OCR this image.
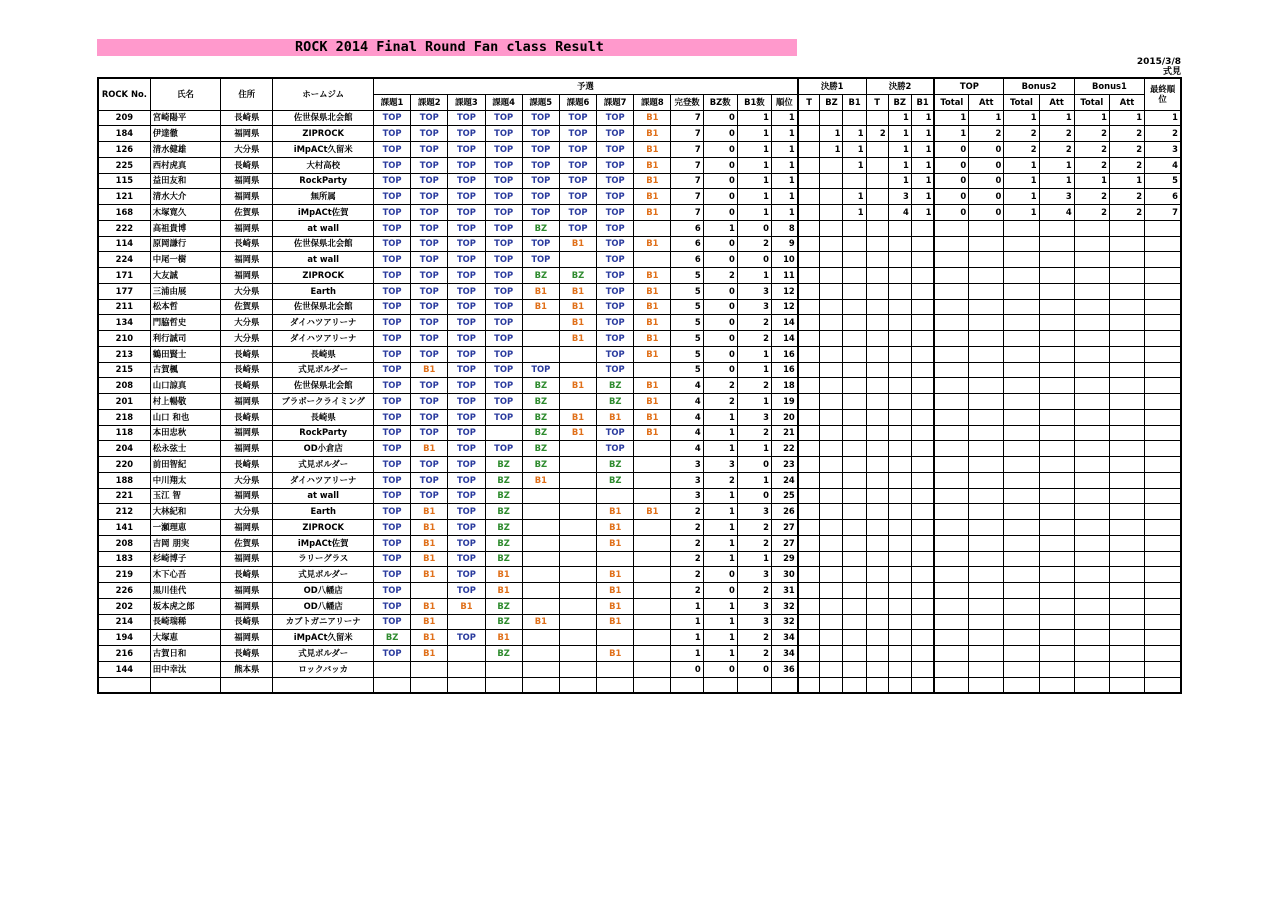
ROCK 2014 Final Round Fan class Result
2015/3/8
式見
ROCK No.	氏名	住所	ホームジム	予選												決勝1			決勝2			TOP		Bonus2		Bonus1		最終順位
				課題1	課題2	課題3	課題4	課題5	課題6	課題7	課題8	完登数	BZ数	B1数	順位	T	BZ	B1	T	BZ	B1	Total	Att	Total	Att	Total	Att	
209	宮崎陽平	長崎県	佐世保県北会館	TOP	TOP	TOP	TOP	TOP	TOP	TOP	B1	7	0	1	1					1	1	1	1	1	1	1	1	1
184	伊達徹	福岡県	ZIPROCK	TOP	TOP	TOP	TOP	TOP	TOP	TOP	B1	7	0	1	1		1	1	2	1	1	1	2	2	2	2	2	2
126	清水健雄	大分県	iMpACt久留米	TOP	TOP	TOP	TOP	TOP	TOP	TOP	B1	7	0	1	1		1	1		1	1	0	0	2	2	2	2	3
225	西村虎真	長崎県	大村高校	TOP	TOP	TOP	TOP	TOP	TOP	TOP	B1	7	0	1	1			1		1	1	0	0	1	1	2	2	4
115	益田友和	福岡県	RockParty	TOP	TOP	TOP	TOP	TOP	TOP	TOP	B1	7	0	1	1					1	1	0	0	1	1	1	1	5
121	清水大介	福岡県	無所属	TOP	TOP	TOP	TOP	TOP	TOP	TOP	B1	7	0	1	1			1		3	1	0	0	1	3	2	2	6
168	木塚寛久	佐賀県	iMpACt佐賀	TOP	TOP	TOP	TOP	TOP	TOP	TOP	B1	7	0	1	1			1		4	1	0	0	1	4	2	2	7
222	高祖貴博	福岡県	at wall	TOP	TOP	TOP	TOP	BZ	TOP	TOP		6	1	0	8													
114	原岡謙行	長崎県	佐世保県北会館	TOP	TOP	TOP	TOP	TOP	B1	TOP	B1	6	0	2	9													
224	中尾一樹	福岡県	at wall	TOP	TOP	TOP	TOP	TOP		TOP		6	0	0	10													
171	大友誠	福岡県	ZIPROCK	TOP	TOP	TOP	TOP	BZ	BZ	TOP	B1	5	2	1	11													
177	三浦由展	大分県	Earth	TOP	TOP	TOP	TOP	B1	B1	TOP	B1	5	0	3	12													
211	松本哲	佐賀県	佐世保県北会館	TOP	TOP	TOP	TOP	B1	B1	TOP	B1	5	0	3	12													
134	門脇哲史	大分県	ダイハツアリーナ	TOP	TOP	TOP	TOP		B1	TOP	B1	5	0	2	14													
210	利行誠司	大分県	ダイハツアリーナ	TOP	TOP	TOP	TOP		B1	TOP	B1	5	0	2	14													
213	鶴田賢士	長崎県	長崎県	TOP	TOP	TOP	TOP			TOP	B1	5	0	1	16													
215	古賀楓	長崎県	式見ボルダー	TOP	B1	TOP	TOP	TOP		TOP		5	0	1	16													
208	山口諒真	長崎県	佐世保県北会館	TOP	TOP	TOP	TOP	BZ	B1	BZ	B1	4	2	2	18													
201	村上暢敬	福岡県	ブラボークライミング	TOP	TOP	TOP	TOP	BZ		BZ	B1	4	2	1	19													
218	山口 和也	長崎県	長崎県	TOP	TOP	TOP	TOP	BZ	B1	B1	B1	4	1	3	20													
118	本田忠秋	福岡県	RockParty	TOP	TOP	TOP		BZ	B1	TOP	B1	4	1	2	21													
204	松永弦士	福岡県	OD小倉店	TOP	B1	TOP	TOP	BZ		TOP		4	1	1	22													
220	前田智紀	長崎県	式見ボルダー	TOP	TOP	TOP	BZ	BZ		BZ		3	3	0	23													
188	中川翔太	大分県	ダイハツアリーナ	TOP	TOP	TOP	BZ	B1		BZ		3	2	1	24													
221	玉江 智	福岡県	at wall	TOP	TOP	TOP	BZ					3	1	0	25													
212	大林紀和	大分県	Earth	TOP	B1	TOP	BZ			B1	B1	2	1	3	26													
141	一瀬理恵	福岡県	ZIPROCK	TOP	B1	TOP	BZ			B1		2	1	2	27													
208	吉岡 朋実	佐賀県	iMpACt佐賀	TOP	B1	TOP	BZ			B1		2	1	2	27													
183	杉崎博子	福岡県	ラリーグラス	TOP	B1	TOP	BZ					2	1	1	29													
219	木下心吾	長崎県	式見ボルダー	TOP	B1	TOP	B1			B1		2	0	3	30													
226	黒川佳代	福岡県	OD八幡店	TOP		TOP	B1			B1		2	0	2	31													
202	坂本虎之郎	福岡県	OD八幡店	TOP	B1	B1	BZ			B1		1	1	3	32													
214	長崎瑞稀	長崎県	カブトガニアリーナ	TOP	B1		BZ	B1		B1		1	1	3	32													
194	大塚恵	福岡県	iMpACt久留米	BZ	B1	TOP	B1					1	1	2	34													
216	古賀日和	長崎県	式見ボルダー	TOP	B1		BZ			B1		1	1	2	34													
144	田中幸汰	熊本県	ロックバッカ									0	0	0	36													
